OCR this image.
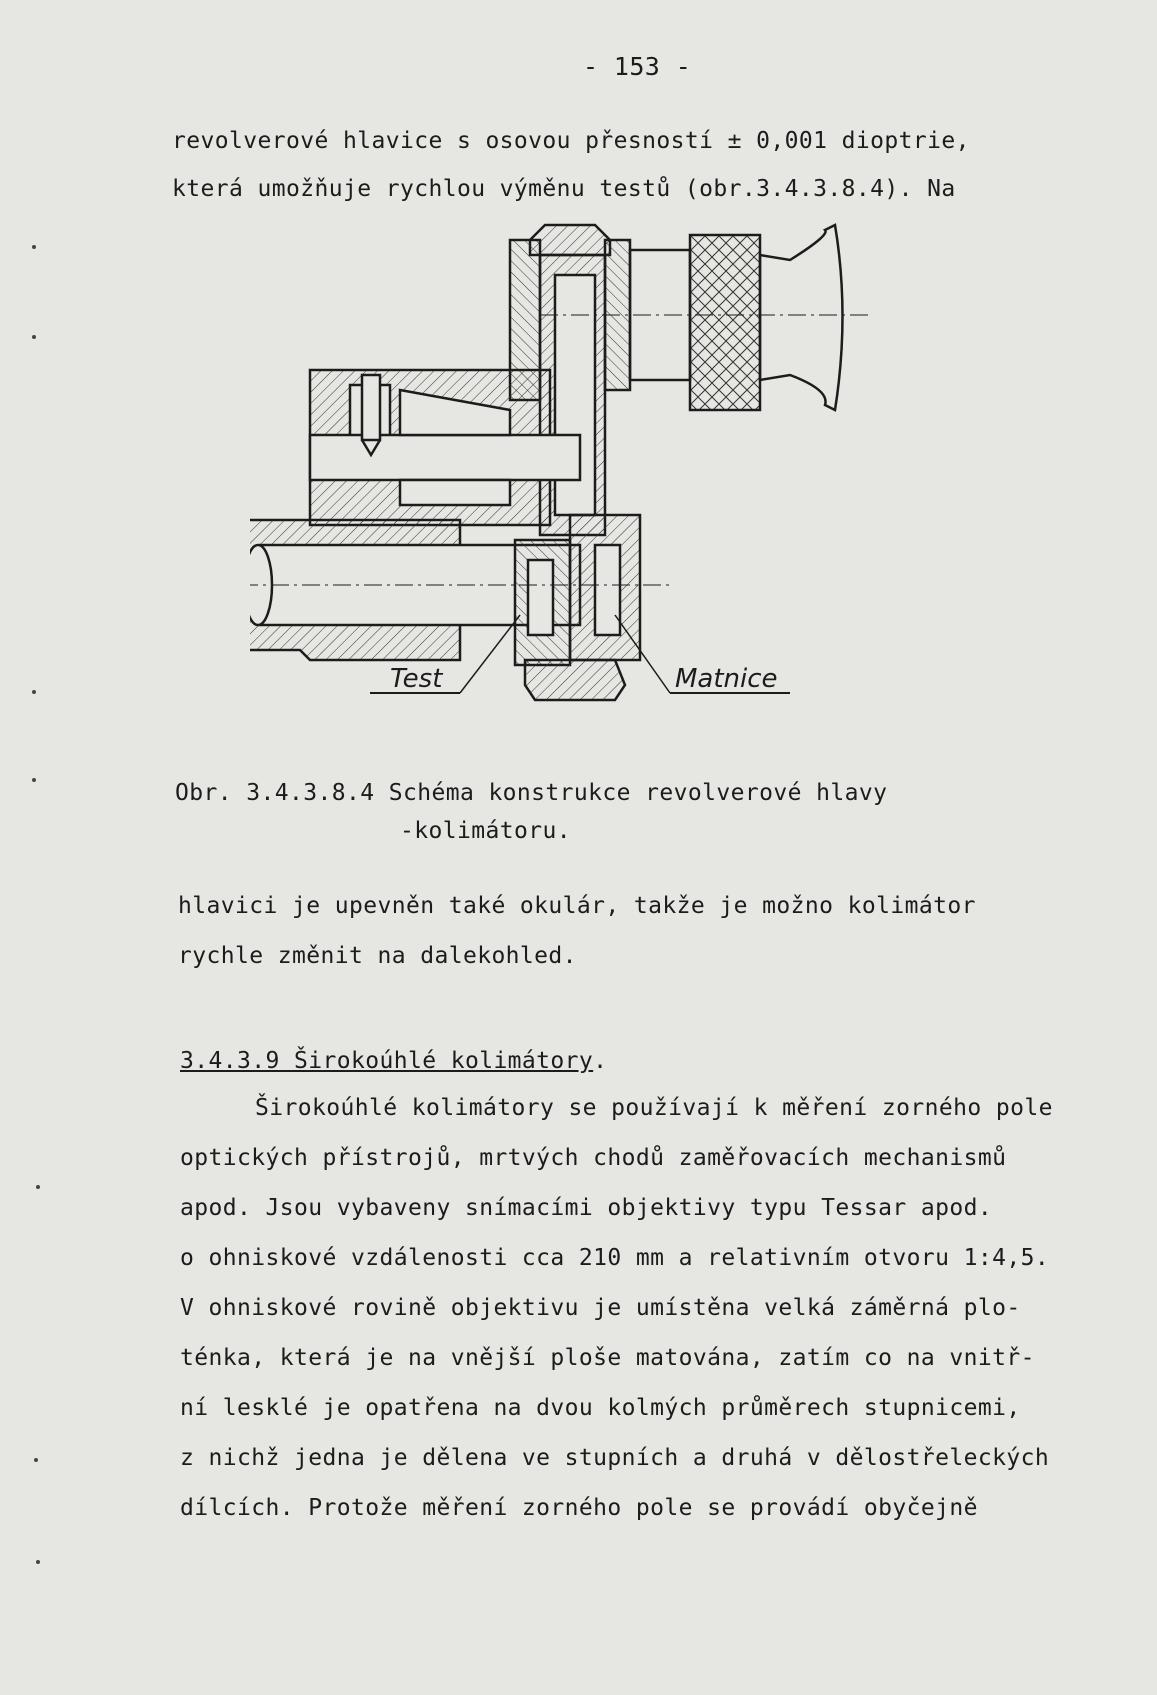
- 153 -
revolverové hlavice s osovou přesností ± 0,001 dioptrie,
která umožňuje rychlou výměnu testů (obr.3.4.3.8.4). Na
Test	Matnice
Obr. 3.4.3.8.4 Schéma konstrukce revolverové hlavy
-kolimátoru.
hlavici je upevněn také okulár, takže je možno kolimátor
rychle změnit na dalekohled.
3.4.3.9 Širokoúhlé kolimátory.
Širokoúhlé kolimátory se používají k měření zorného pole
optických přístrojů, mrtvých chodů zaměřovacích mechanismů
apod. Jsou vybaveny snímacími objektivy typu Tessar apod.
o ohniskové vzdálenosti cca 210 mm a relativním otvoru 1:4,5.
V ohniskové rovině objektivu je umístěna velká záměrná plo-
ténka, která je na vnější ploše matována, zatím co na vnitř-
ní lesklé je opatřena na dvou kolmých průměrech stupnicemi,
z nichž jedna je dělena ve stupních a druhá v dělostřeleckých
dílcích. Protože měření zorného pole se provádí obyčejně
